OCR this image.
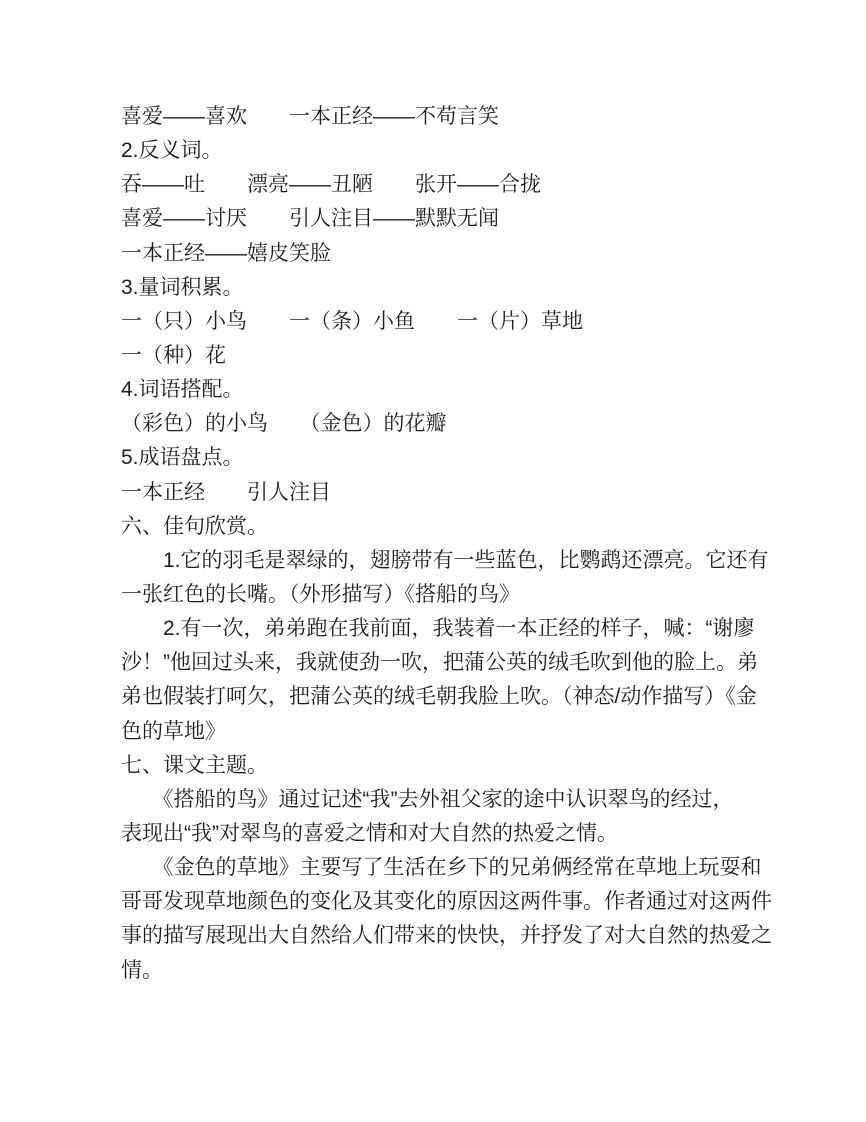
喜爱——喜欢　　一本正经——不苟言笑
2.反义词。
吞——吐　　漂亮——丑陋　　张开——合拢
喜爱——讨厌　　引人注目——默默无闻
一本正经——嬉皮笑脸
3.量词积累。
一（只）小鸟　　一（条）小鱼　　一（片）草地
一（种）花
4.词语搭配。
（彩色）的小鸟　　（金色）的花瓣
5.成语盘点。
一本正经　　引人注目
六、佳句欣赏。
　　1.它的羽毛是翠绿的，翅膀带有一些蓝色，比鹦鹉还漂亮。它还有
一张红色的长嘴。（外形描写）《搭船的鸟》
　　2.有一次，弟弟跑在我前面，我装着一本正经的样子，喊：“谢廖
沙！”他回过头来，我就使劲一吹，把蒲公英的绒毛吹到他的脸上。弟
弟也假装打呵欠，把蒲公英的绒毛朝我脸上吹。（神态/动作描写）《金
色的草地》
七、课文主题。
　　《搭船的鸟》通过记述“我”去外祖父家的途中认识翠鸟的经过，
表现出“我”对翠鸟的喜爱之情和对大自然的热爱之情。
　　《金色的草地》主要写了生活在乡下的兄弟俩经常在草地上玩耍和
哥哥发现草地颜色的变化及其变化的原因这两件事。作者通过对这两件
事的描写展现出大自然给人们带来的快快，并抒发了对大自然的热爱之
情。
